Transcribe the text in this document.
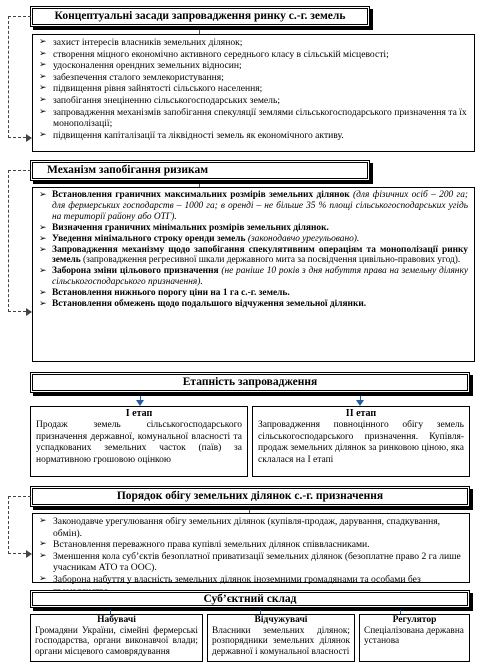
Концептуальні засади запровадження ринку с.-г. земель
➢ захист інтересів власників земельних ділянок;
➢ створення міцного економічно активного середнього класу в сільській місцевості;
➢ удосконалення орендних земельних відносин;
➢ забезпечення сталого землекористування;
➢ підвищення рівня зайнятості сільського населення;
➢ запобігання знеціненню сільськогосподарських земель;
➢ запровадження механізмів запобігання спекуляції землями сільськогосподарського призначення та їх монополізації;
➢ підвищення капіталізації та ліквідності земель як економічного активу.
Механізм запобігання ризикам
➢ Встановлення граничних максимальних розмірів земельних ділянок (для фізичних осіб – 200 га; для фермерських господарств – 1000 га; в оренді – не більше 35 % площі сільськогосподарських угідь на території району або ОТГ).
➢ Визначення граничних мінімальних розмірів земельних ділянок.
➢ Уведення мінімального строку оренди земель (законодавчо урегульовано).
➢ Запровадження механізму щодо запобігання спекулятивним операціям та монополізації ринку земель (запровадження регресивної шкали державного мита за посвідчення цивільно-правових угод).
➢ Заборона зміни цільового призначення (не раніше 10 років з дня набуття права на земельну ділянку сільськогосподарського призначення).
➢ Встановлення нижнього порогу ціни на 1 га с.-г. земель.
➢ Встановлення обмежень щодо подальшого відчуження земельної ділянки.
Етапність запровадження
I етап
Продаж земель сільськогосподарського призначення державної, комунальної власності та успадкованих земельних часток (паїв) за нормативною грошовою оцінкою
II етап
Запровадження повноцінного обігу земель сільськогосподарського призначення. Купівля-продаж земельних ділянок за ринковою ціною, яка склалася на I етапі
Порядок обігу земельних ділянок с.-г. призначення
➢ Законодавче урегулювання обігу земельних ділянок (купівля-продаж, дарування, спадкування, обмін).
➢ Встановлення переважного права купівлі земельних ділянок співвласниками.
➢ Зменшення кола суб’єктів безоплатної приватизації земельних ділянок (безоплатне право 2 га лише учасникам АТО та ООС).
➢ Заборона набуття у власність земельних ділянок іноземними громадянами та особами без
Суб’єктний склад
Набувачі
Громадяни України, сімейні фермерські господарства, органи виконавчої влади; органи місцевого самоврядування
Відчужувачі
Власники земельних ділянок; розпорядники земельних ділянок державної і комунальної власності
Регулятор
Спеціалізована державна установа
